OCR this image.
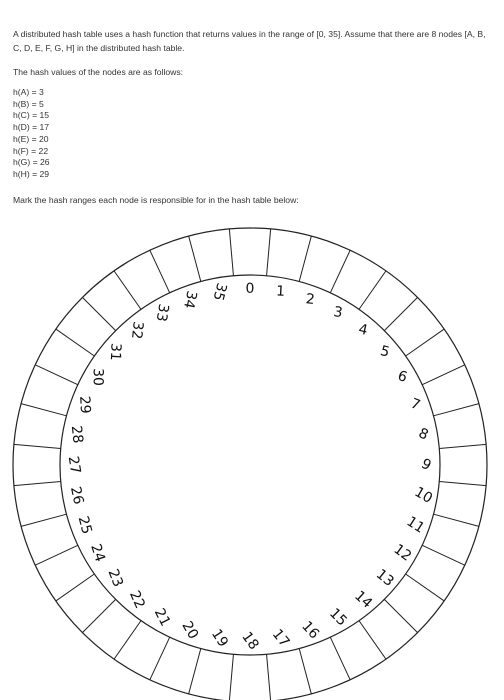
A distributed hash table uses a hash function that returns values in the range of [0, 35]. Assume that there are 8 nodes [A, B, C, D, E, F, G, H] in the distributed hash table.

The hash values of the nodes are as follows:

h(A) = 3
h(B) = 5
h(C) = 15
h(D) = 17
h(E) = 20
h(F) = 22
h(G) = 26
h(H) = 29

Mark the hash ranges each node is responsible for in the hash table below:

0 1 2
3
4
5
6
7
8
9
10
11
12
13
14
15
16
17
18
19
20
21
22
23
24
25
26
27
28
29
30
31
32
33
34 35
